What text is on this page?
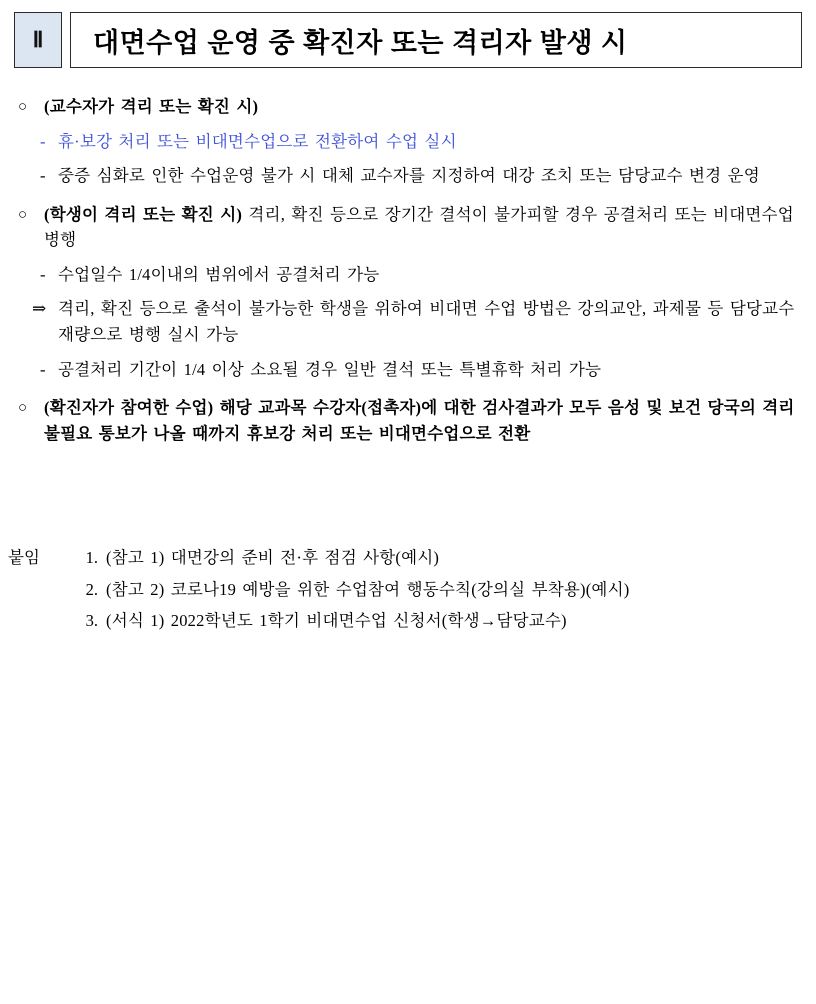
Ⅱ	대면수업 운영 중 확진자 또는 격리자 발생 시
○	(교수자가 격리 또는 확진 시)
- 휴·보강 처리 또는 비대면수업으로 전환하여 수업 실시
- 중증 심화로 인한 수업운영 불가 시 대체 교수자를 지정하여 대강 조치 또는 담당교수 변경 운영
○	(학생이 격리 또는 확진 시) 격리, 확진 등으로 장기간 결석이 불가피할 경우 공결처리 또는 비대면수업 병행
- 수업일수 1/4이내의 범위에서 공결처리 가능
⇒ 격리, 확진 등으로 출석이 불가능한 학생을 위하여 비대면 수업 방법은 강의교안, 과제물 등 담당교수 재량으로 병행 실시 가능
- 공결처리 기간이 1/4 이상 소요될 경우 일반 결석 또는 특별휴학 처리 가능
○	(확진자가 참여한 수업) 해당 교과목 수강자(접촉자)에 대한 검사결과가 모두 음성 및 보건 당국의 격리 불필요 통보가 나올 때까지 휴보강 처리 또는 비대면수업으로 전환
붙임	1. (참고 1) 대면강의 준비 전·후 점검 사항(예시)
2. (참고 2) 코로나19 예방을 위한 수업참여 행동수칙(강의실 부착용)(예시)
3. (서식 1) 2022학년도 1학기 비대면수업 신청서(학생→담당교수)
